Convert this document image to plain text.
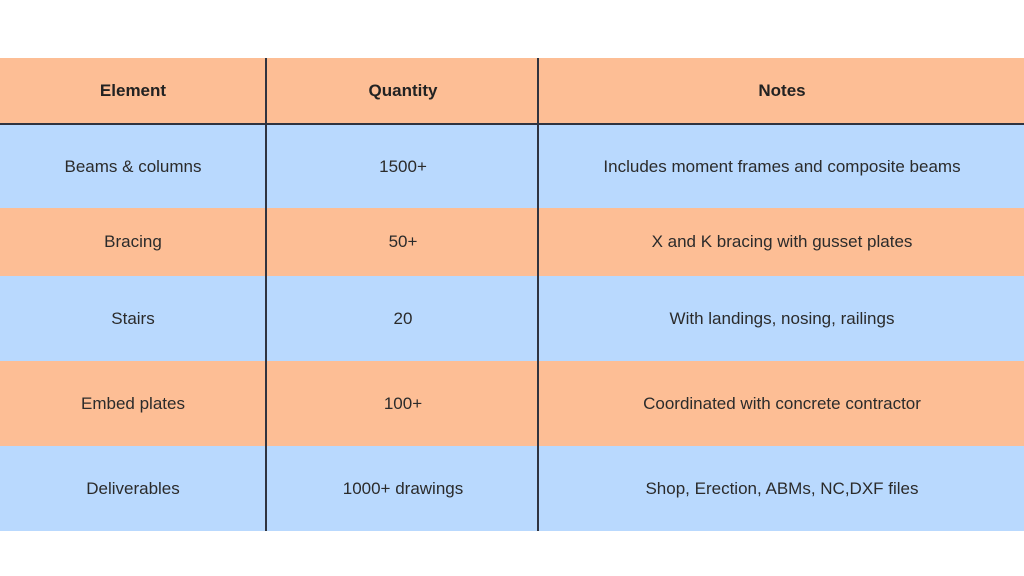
Element	Quantity	Notes
Beams & columns	1500+	Includes moment frames and composite beams
Bracing	50+	X and K bracing with gusset plates
Stairs	20	With landings, nosing, railings
Embed plates	100+	Coordinated with concrete contractor
Deliverables	1000+ drawings	Shop, Erection, ABMs, NC,DXF files
